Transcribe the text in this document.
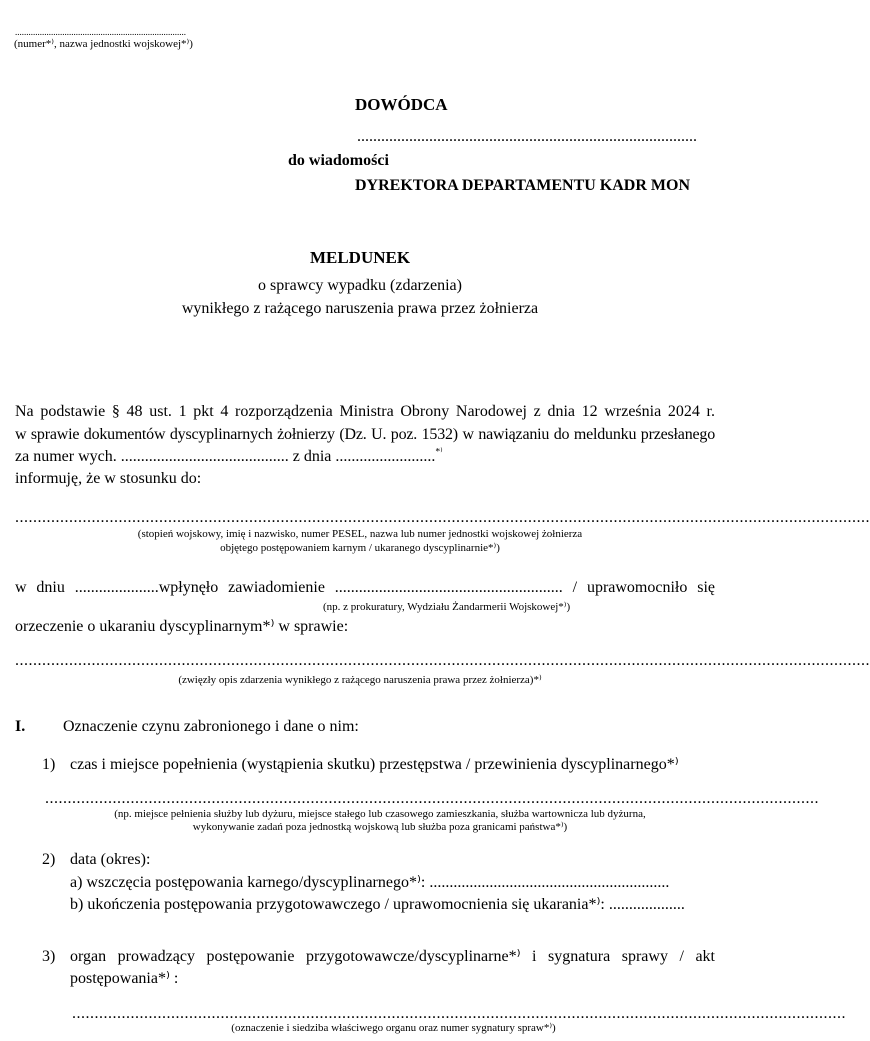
............................................................................
(numer*⁾, nazwa jednostki wojskowej*⁾)
DOWÓDCA
.....................................................................................
do wiadomości
DYREKTORA DEPARTAMENTU KADR MON
MELDUNEK
o sprawcy wypadku (zdarzenia)
wynikłego z rażącego naruszenia prawa przez żołnierza
Na podstawie § 48 ust. 1 pkt 4 rozporządzenia Ministra Obrony Narodowej z dnia 12 września 2024 r.
w sprawie dokumentów dyscyplinarnych żołnierzy (Dz. U. poz. 1532) w nawiązaniu do meldunku przesłanego
za numer wych. .......................................... z dnia .........................*⁾
informuję, że w stosunku do:
..............................................................................................................................................................................................
(stopień wojskowy, imię i nazwisko, numer PESEL, nazwa lub numer jednostki wojskowej żołnierza
objętego postępowaniem karnym / ukaranego dyscyplinarnie*⁾)
w dniu .....................wpłynęło zawiadomienie ......................................................... / uprawomocniło się
(np. z prokuratury, Wydziału Żandarmerii Wojskowej*⁾)
orzeczenie o ukaraniu dyscyplinarnym*⁾ w sprawie:
..............................................................................................................................................................................................
(zwięzły opis zdarzenia wynikłego z rażącego naruszenia prawa przez żołnierza)*⁾
I. Oznaczenie czynu zabronionego i dane o nim:
1) czas i miejsce popełnienia (wystąpienia skutku) przestępstwa / przewinienia dyscyplinarnego*⁾
............................................................................................................................................................................
(np. miejsce pełnienia służby lub dyżuru, miejsce stałego lub czasowego zamieszkania, służba wartownicza lub dyżurna,
wykonywanie zadań poza jednostką wojskową lub służba poza granicami państwa*⁾)
2) data (okres):
a) wszczęcia postępowania karnego/dyscyplinarnego*⁾: ............................................................
b) ukończenia postępowania przygotowawczego / uprawomocnienia się ukarania*⁾: ...................
3) organ prowadzący postępowanie przygotowawcze/dyscyplinarne*⁾ i sygnatura sprawy / akt
postępowania*⁾ :
............................................................................................................................................................................
(oznaczenie i siedziba właściwego organu oraz numer sygnatury spraw*⁾)
